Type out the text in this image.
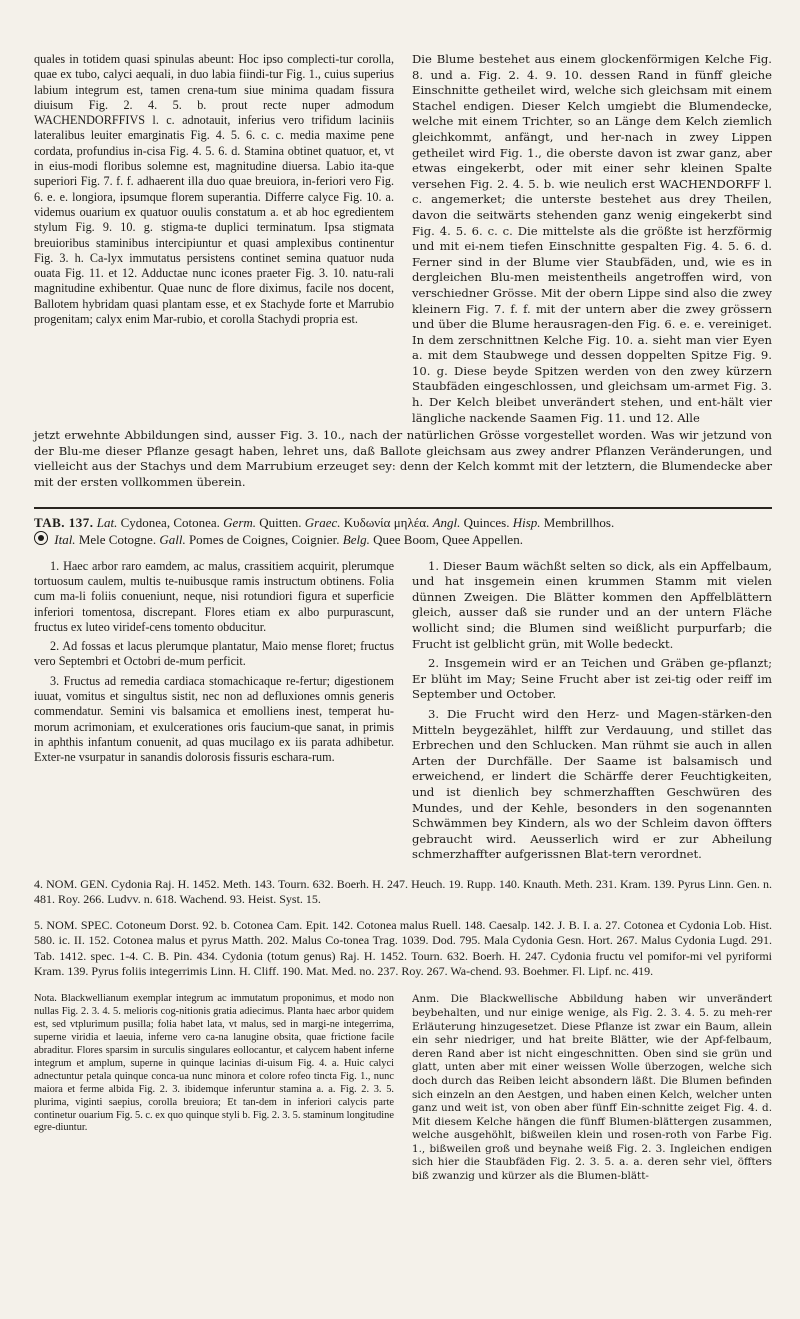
quales in totidem quasi spinulas abeunt: Hoc ipso complecti-tur corolla, quae ex tubo, calyci aequali, in duo labia fiindi-tur Fig. 1., cuius superius labium integrum est, tamen crena-tum siue minima quadam fissura diuisum Fig. 2. 4. 5. b. prout recte nuper admodum WACHENDORFFIVS l. c. adnotauit, inferius vero trifidum laciniis lateralibus leuiter emarginatis Fig. 4. 5. 6. c. c. media maxime pene cordata, profundius in-cisa Fig. 4. 5. 6. d. Stamina obtinet quatuor, et, vt in eius-modi floribus solemne est, magnitudine diuersa. Labio ita-que superiori Fig. 7. f. f. adhaerent illa duo quae breuiora, in-feriori vero Fig. 6. e. e. longiora, ipsumque florem superantia. Differre calyce Fig. 10. a. videmus ouarium ex quatuor ouulis constatum a. et ab hoc egredientem stylum Fig. 9. 10. g. stigma-te duplici terminatum. Ipsa stigmata breuioribus staminibus intercipiuntur et quasi amplexibus continentur Fig. 3. h. Ca-lyx immutatus persistens continet semina quatuor nuda ouata Fig. 11. et 12. Adductae nunc icones praeter Fig. 3. 10. natu-rali magnitudine exhibentur. Quae nunc de flore diximus, facile nos docent, Ballotem hybridam quasi plantam esse, et ex Stachyde forte et Marrubio progenitam; calyx enim Mar-rubio, et corolla Stachydi propria est.
Die Blume bestehet aus einem glockenförmigen Kelche Fig. 8. und a. Fig. 2. 4. 9. 10. dessen Rand in fünff gleiche Einschnitte getheilet wird, welche sich gleichsam mit einem Stachel endigen. Dieser Kelch umgiebt die Blumendecke, welche mit einem Trichter, so an Länge dem Kelch ziemlich gleichkommt, anfängt, und her-nach in zwey Lippen getheilet wird Fig. 1., die oberste davon ist zwar ganz, aber etwas eingekerbt, oder mit einer sehr kleinen Spalte versehen Fig. 2. 4. 5. b. wie neulich erst WACHENDORFF l. c. angemerket; die unterste bestehet aus drey Theilen, davon die seitwärts stehenden ganz wenig eingekerbt sind Fig. 4. 5. 6. c. c. Die mittelste als die größte ist herzförmig und mit ei-nem tiefen Einschnitte gespalten Fig. 4. 5. 6. d. Ferner sind in der Blume vier Staubfäden, und, wie es in dergleichen Blu-men meistentheils angetroffen wird, von verschiedner Grösse. Mit der obern Lippe sind also die zwey kleinern Fig. 7. f. f. mit der untern aber die zwey grössern und über die Blume herausragen-den Fig. 6. e. e. vereiniget. In dem zerschnittnen Kelche Fig. 10. a. sieht man vier Eyen a. mit dem Staubwege und dessen doppelten Spitze Fig. 9. 10. g. Diese beyde Spitzen werden von den zwey kürzern Staubfäden eingeschlossen, und gleichsam um-armet Fig. 3. h. Der Kelch bleibet unverändert stehen, und ent-hält vier längliche nackende Saamen Fig. 11. und 12. Alle
jetzt erwehnte Abbildungen sind, ausser Fig. 3. 10., nach der natürlichen Grösse vorgestellet worden. Was wir jetzund von der Blu-me dieser Pflanze gesagt haben, lehret uns, daß Ballote gleichsam aus zwey andrer Pflanzen Veränderungen, und vielleicht aus der Stachys und dem Marrubium erzeuget sey: denn der Kelch kommt mit der letztern, die Blumendecke aber mit der ersten vollkommen überein.
TAB. 137. Lat. Cydonea, Cotonea. Germ. Quitten. Graec. Κυδωνία μηλέα. Angl. Quinces. Hisp. Membrillhos.
Ital. Mele Cotogne. Gall. Pomes de Coignes, Coignier. Belg. Quee Boom, Quee Appellen.

1. Haec arbor raro eamdem, ac malus, crassitiem acquirit, plerumque tortuosum caulem, multis te-nuibusque ramis instructum obtinens. Folia cum ma-li foliis conueniunt, neque, nisi rotundiori figura et superficie inferiori tomentosa, discrepant. Flores etiam ex albo purpurascunt, fructus ex luteo viridef-cens tomento obducitur.

2. Ad fossas et lacus plerumque plantatur, Maio mense floret; fructus vero Septembri et Octobri de-mum perficit.

3. Fructus ad remedia cardiaca stomachicaque re-fertur; digestionem iuuat, vomitus et singultus sistit, nec non ad defluxiones omnis generis commendatur. Semini vis balsamica et emolliens inest, temperat hu-morum acrimoniam, et exulcerationes oris faucium-que sanat, in primis in aphthis infantum conuenit, ad quas mucilago ex iis parata adhibetur. Exter-ne vsurpatur in sanandis dolorosis fissuris eschara-rum.

1. Dieser Baum wächßt selten so dick, als ein Apffelbaum, und hat insgemein einen krummen Stamm mit vielen dünnen Zweigen. Die Blätter kommen den Apffelblättern gleich, ausser daß sie runder und an der untern Fläche wollicht sind; die Blumen sind weißlicht purpurfarb; die Frucht ist gelblicht grün, mit Wolle bedeckt.

2. Insgemein wird er an Teichen und Gräben ge-pflanzt; Er blüht im May; Seine Frucht aber ist zei-tig oder reiff im September und October.

3. Die Frucht wird den Herz- und Magen-stärken-den Mitteln beygezählet, hilfft zur Verdauung, und stillet das Erbrechen und den Schlucken. Man rühmt sie auch in allen Arten der Durchfälle. Der Saame ist balsamisch und erweichend, er lindert die Schärffe derer Feuchtigkeiten, und ist dienlich bey schmerzhafften Geschwüren des Mundes, und der Kehle, besonders in den sogenannten Schwämmen bey Kindern, als wo der Schleim davon öffters gebraucht wird. Aeusserlich wird er zur Abheilung schmerzhaffter aufgerissnen Blat-tern verordnet.

4. NOM. GEN. Cydonia Raj. H. 1452. Meth. 143. Tourn. 632. Boerh. H. 247. Heuch. 19. Rupp. 140. Knauth. Meth. 231. Kram. 139. Pyrus Linn. Gen. n. 481. Roy. 266. Ludvv. n. 618. Wachend. 93. Heist. Syst. 15.
5. NOM. SPEC. Cotoneum Dorst. 92. b. Cotonea Cam. Epit. 142. Cotonea malus Ruell. 148. Caesalp. 142. J. B. I. a. 27. Cotonea et Cydonia Lob. Hist. 580. ic. II. 152. Cotonea malus et pyrus Matth. 202. Malus Co-tonea Trag. 1039. Dod. 795. Mala Cydonia Gesn. Hort. 267. Malus Cydonia Lugd. 291. Tab. 1412. spec. 1-4. C. B. Pin. 434. Cydonia (totum genus) Raj. H. 1452. Tourn. 632. Boerh. H. 247. Cydonia fructu vel pomifor-mi vel pyriformi Kram. 139. Pyrus foliis integerrimis Linn. H. Cliff. 190. Mat. Med. no. 237. Roy. 267. Wa-chend. 93. Boehmer. Fl. Lipf. nc. 419.
Nota. Blackwellianum exemplar integrum ac immutatum proponimus, et modo non nullas Fig. 2. 3. 4. 5. melioris cog-nitionis gratia adiecimus. Planta haec arbor quidem est, sed vtplurimum pusilla; folia habet lata, vt malus, sed in margi-ne integerrima, superne viridia et laeuia, inferne vero ca-na lanugine obsita, quae frictione facile abraditur. Flores sparsim in surculis singulares eollocantur, et calycem habent inferne integrum et amplum, superne in quinque lacinias di-uisum Fig. 4. a. Huic calyci adnectuntur petala quinque conca-ua nunc minora et colore rofeo tincta Fig. 1., nunc maiora et ferme albida Fig. 2. 3. ibidemque inferuntur stamina a. a. Fig. 2. 3. 5. plurima, viginti saepius, corolla breuiora; Et tan-dem in inferiori calycis parte continetur ouarium Fig. 5. c. ex quo quinque styli b. Fig. 2. 3. 5. staminum longitudine egre-diuntur.
Anm. Die Blackwellische Abbildung haben wir unverändert beybehalten, und nur einige wenige, als Fig. 2. 3. 4. 5. zu meh-rer Erläuterung hinzugesetzet. Diese Pflanze ist zwar ein Baum, allein ein sehr niedriger, und hat breite Blätter, wie der Apf-felbaum, deren Rand aber ist nicht eingeschnitten. Oben sind sie grün und glatt, unten aber mit einer weissen Wolle überzogen, welche sich doch durch das Reiben leicht absondern läßt. Die Blumen befinden sich einzeln an den Aestgen, und haben einen Kelch, welcher unten ganz und weit ist, von oben aber fünff Ein-schnitte zeiget Fig. 4. d. Mit diesem Kelche hängen die fünff Blumen-blättergen zusammen, welche ausgehöhlt, bißweilen klein und rosen-roth von Farbe Fig. 1., bißweilen groß und beynahe weiß Fig. 2. 3. Ingleichen endigen sich hier die Staubfäden Fig. 2. 3. 5. a. a. deren sehr viel, öffters biß zwanzig und kürzer als die Blumen-blätt-
